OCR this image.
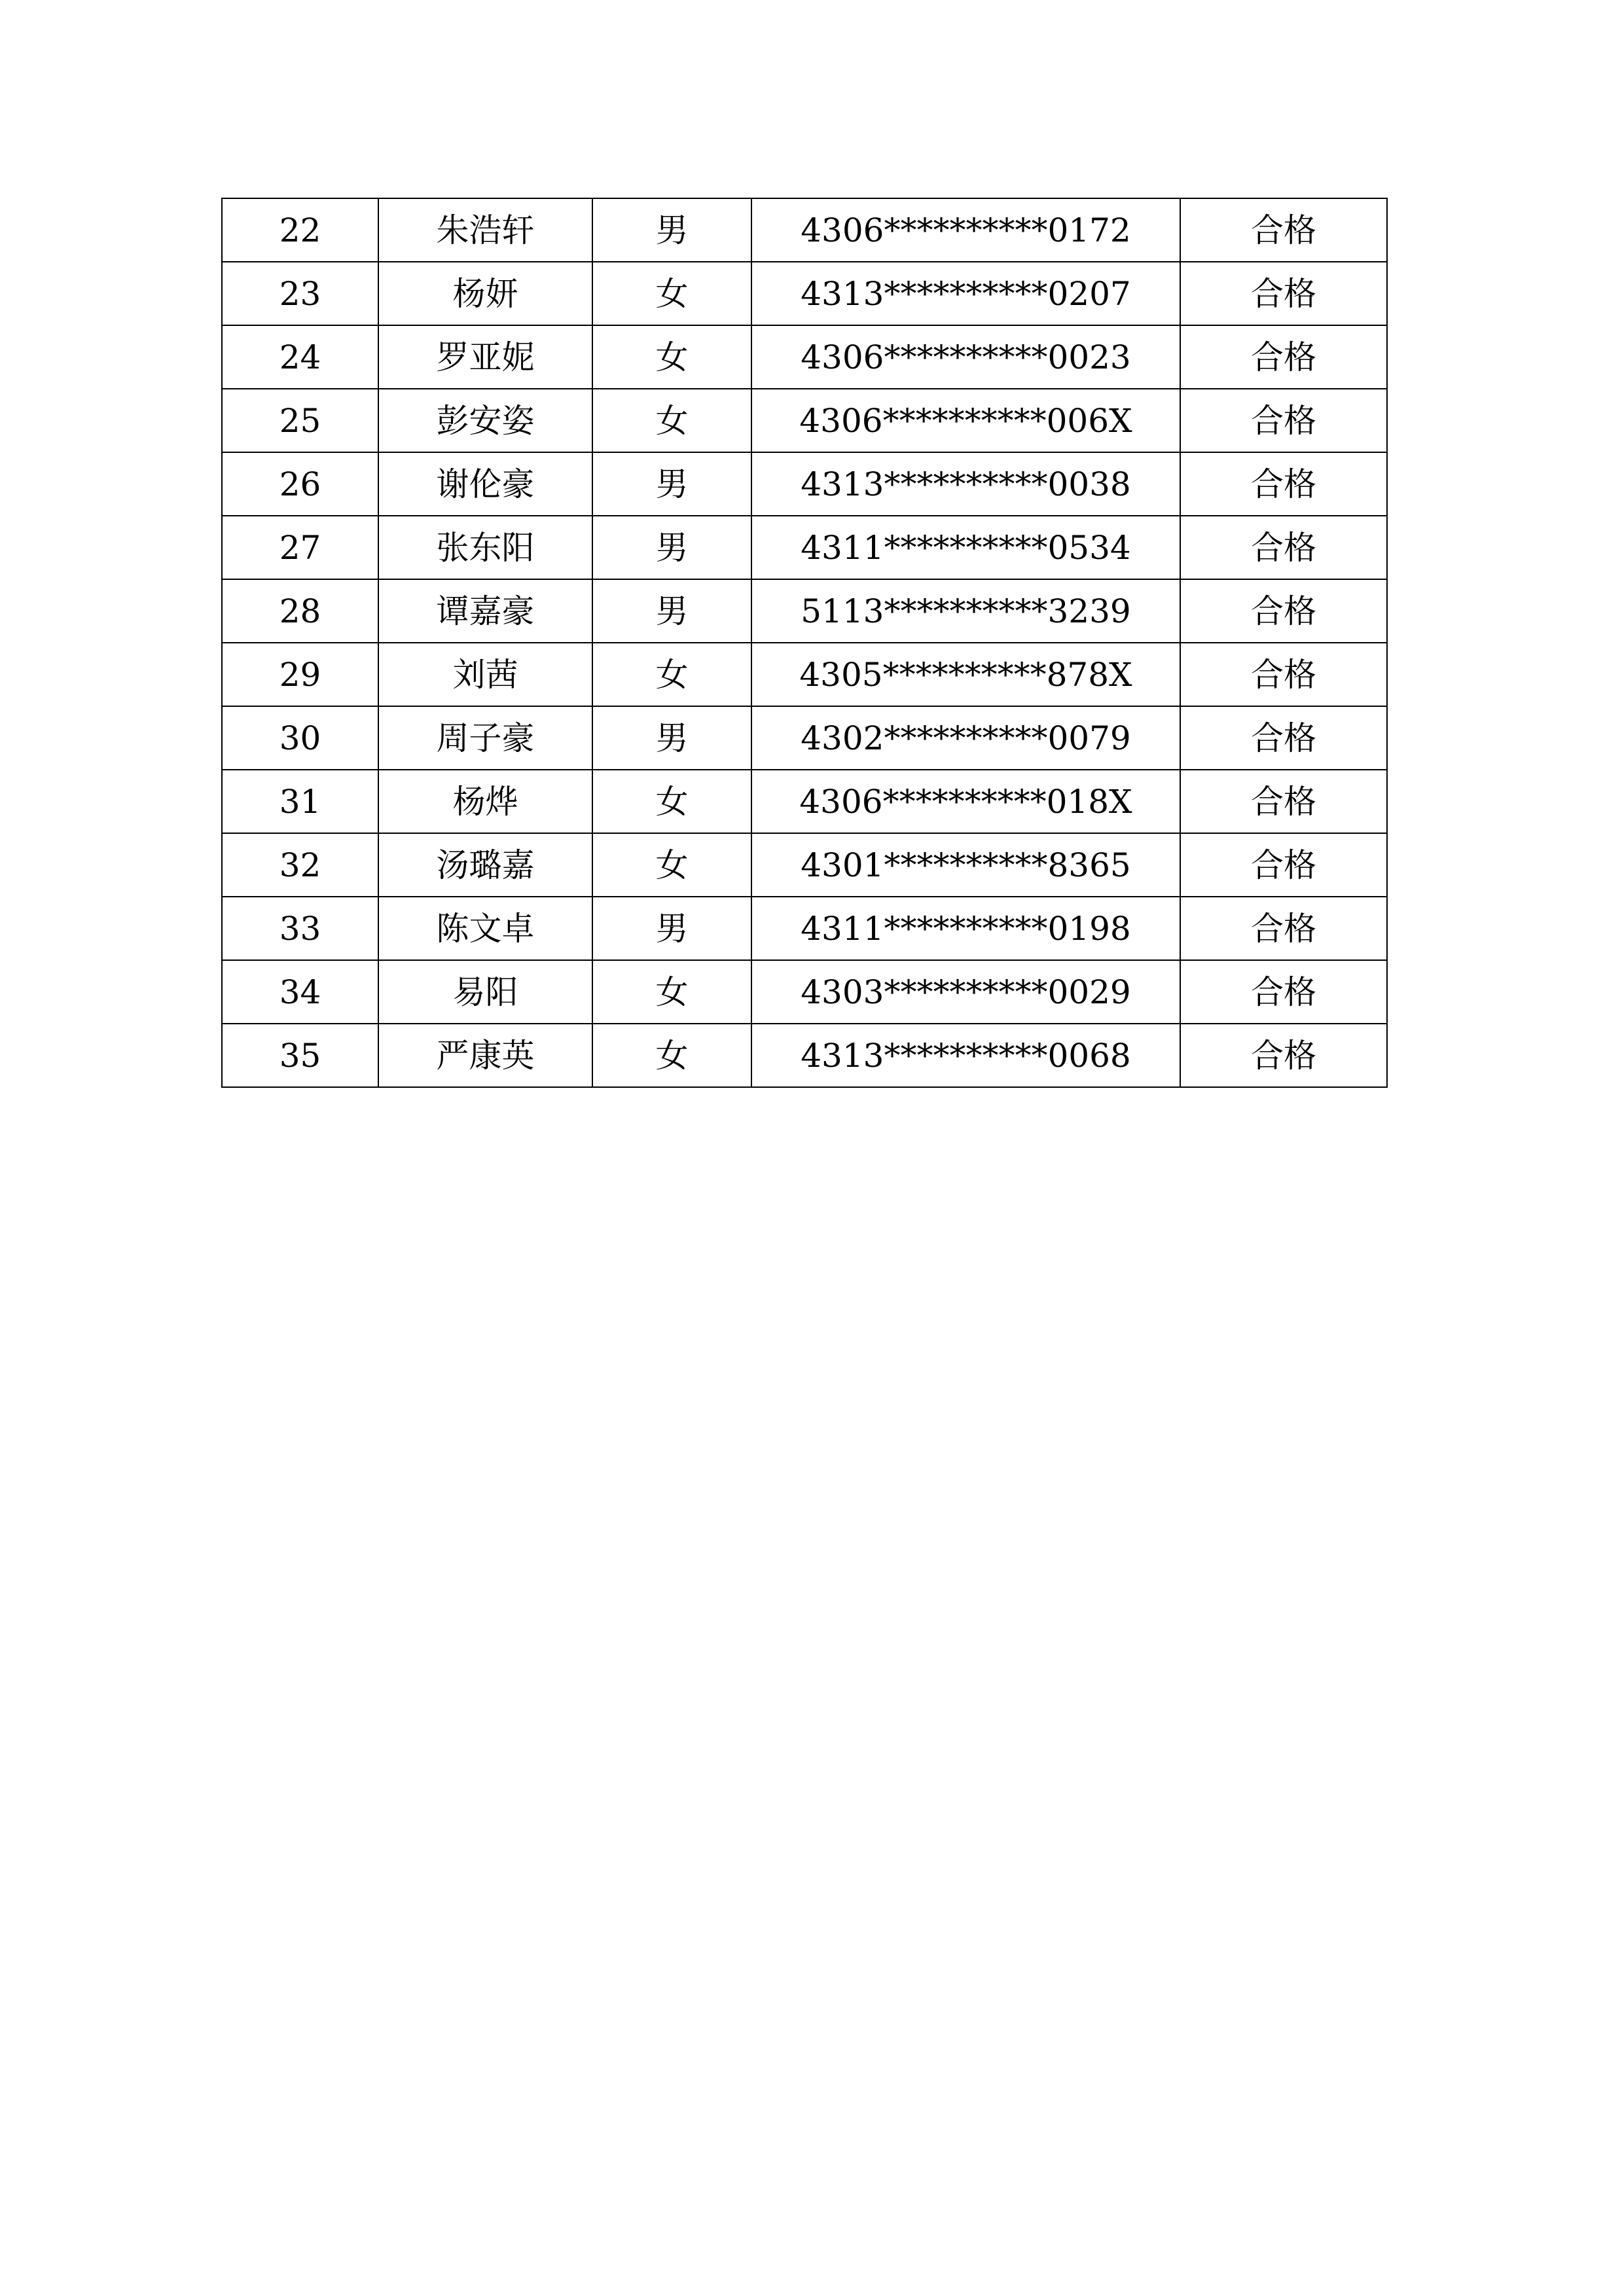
22	朱浩轩	男	4306**********0172	合格
23	杨妍	女	4313**********0207	合格
24	罗亚妮	女	4306**********0023	合格
25	彭安姿	女	4306**********006X	合格
26	谢伦豪	男	4313**********0038	合格
27	张东阳	男	4311**********0534	合格
28	谭嘉豪	男	5113**********3239	合格
29	刘茜	女	4305**********878X	合格
30	周子豪	男	4302**********0079	合格
31	杨烨	女	4306**********018X	合格
32	汤璐嘉	女	4301**********8365	合格
33	陈文卓	男	4311**********0198	合格
34	易阳	女	4303**********0029	合格
35	严康英	女	4313**********0068	合格
